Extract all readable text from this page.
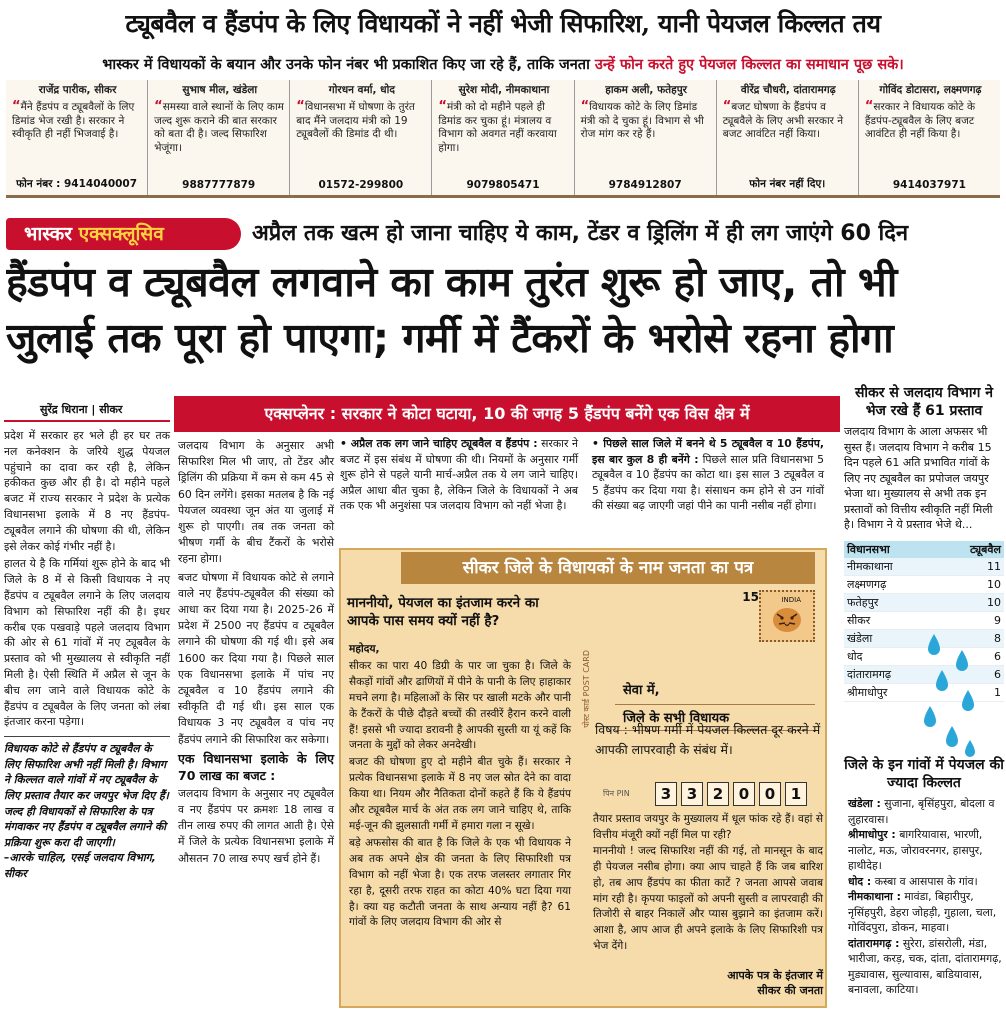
ट्यूबवैल व हैंडपंप के लिए विधायकों ने नहीं भेजी सिफारिश, यानी पेयजल किल्लत तय
भास्कर में विधायकों के बयान और उनके फोन नंबर भी प्रकाशित किए जा रहे हैं, ताकि जनता उन्हें फोन करते हुए पेयजल किल्लत का समाधान पूछ सके।
राजेंद्र पारीक, सीकर
“ मैंने हैंडपंप व ट्यूबवैलों के लिए डिमांड भेज रखी है। सरकार ने स्वीकृति ही नहीं भिजवाई है।
फोन नंबर : 9414040007
सुभाष मील, खंडेला
“ समस्या वाले स्थानों के लिए काम जल्द शुरू कराने की बात सरकार को बता दी है। जल्द सिफारिश भेजूंगा।
9887777879
गोरधन वर्मा, धोद
“ विधानसभा में घोषणा के तुरंत बाद मैंने जलदाय मंत्री को 19 ट्यूबवैलों की डिमांड दी थी।
01572-299800
सुरेश मोदी, नीमकाथाना
“ मंत्री को दो महीने पहले ही डिमांड कर चुका हूं। मंत्रालय व विभाग को अवगत नहीं करवाया होगा।
9079805471
हाकम अली, फतेहपुर
“ विधायक कोटे के लिए डिमांड मंत्री को दे चुका हूं। विभाग से भी रोज मांग कर रहे हैं।
9784912807
वीरेंद्र चौधरी, दांतारामगढ़
“ बजट घोषणा के हैंडपंप व ट्यूबवैले के लिए अभी सरकार ने बजट आवंटित नहीं किया।
फोन नंबर नहीं दिए।
गोविंद डोटासरा, लक्ष्मणगढ़
“ सरकार ने विधायक कोटे के हैंडपंप-ट्यूबवैल के लिए बजट आवंटित ही नहीं किया है।
9414037971
भास्कर एक्सक्लूसिव	अप्रैल तक खत्म हो जाना चाहिए ये काम, टेंडर व ड्रिलिंग में ही लग जाएंगे 60 दिन
हैंडपंप व ट्यूबवैल लगवाने का काम तुरंत शुरू हो जाए, तो भी
जुलाई तक पूरा हो पाएगा; गर्मी में टैंकरों के भरोसे रहना होगा
सुरेंद्र धिराना | सीकर

प्रदेश में सरकार हर भले ही हर घर तक नल कनेक्शन के जरिये शुद्ध पेयजल पहुंचाने का दावा कर रही है, लेकिन हकीकत कुछ और ही है। दो महीने पहले बजट में राज्य सरकार ने प्रदेश के प्रत्येक विधानसभा इलाके में 8 नए हैंडपंप-ट्यूबवैल लगाने की घोषणा की थी, लेकिन इसे लेकर कोई गंभीर नहीं है।

हालत ये है कि गर्मियां शुरू होने के बाद भी जिले के 8 में से किसी विधायक ने नए हैंडपंप व ट्यूबवैल लगाने के लिए जलदाय विभाग को सिफारिश नहीं की है। इधर करीब एक पखवाड़े पहले जलदाय विभाग की ओर से 61 गांवों में नए ट्यूबवैल के प्रस्ताव को भी मुख्यालय से स्वीकृति नहीं मिली है। ऐसी स्थिति में अप्रैल से जून के बीच लग जाने वाले विधायक कोटे के हैंडपंप व ट्यूबवैल के लिए जनता को लंबा इंतजार करना पड़ेगा।

विधायक कोटे से हैंडपंप व ट्यूबवैल के लिए सिफारिश अभी नहीं मिली है। विभाग ने किल्लत वाले गांवों में नए ट्यूबवैल के लिए प्रस्ताव तैयार कर जयपुर भेज दिए हैं। जल्द ही विधायकों से सिफारिश के पत्र मंगवाकर नए हैंडपंप व ट्यूबवैल लगाने की प्रक्रिया शुरू करा दी जाएगी।
–आरके चाहिल, एसई जलदाय विभाग, सीकर
एक्सप्लेनर : सरकार ने कोटा घटाया, 10 की जगह 5 हैंडपंप बनेंगे एक विस क्षेत्र में

जलदाय विभाग के अनुसार अभी सिफारिश मिल भी जाए, तो टेंडर और ड्रिलिंग की प्रक्रिया में कम से कम 45 से 60 दिन लगेंगे। इसका मतलब है कि नई पेयजल व्यवस्था जून अंत या जुलाई में शुरू हो पाएगी। तब तक जनता को भीषण गर्मी के बीच टैंकरों के भरोसे रहना होगा।

बजट घोषणा में विधायक कोटे से लगाने वाले नए हैंडपंप-ट्यूबवैल की संख्या को आधा कर दिया गया है। 2025-26 में प्रदेश में 2500 नए हैंडपंप व ट्यूबवैल लगाने की घोषणा की गई थी। इसे अब 1600 कर दिया गया है। पिछले साल एक विधानसभा इलाके में पांच नए ट्यूबवैल व 10 हैंडपंप लगाने की स्वीकृति दी गई थी। इस साल एक विधायक 3 नए ट्यूबवैल व पांच नए हैंडपंप लगाने की सिफारिश कर सकेगा।

एक विधानसभा इलाके के लिए 70 लाख का बजट :

जलदाय विभाग के अनुसार नए ट्यूबवैल व नए हैंडपंप पर क्रमशः 18 लाख व तीन लाख रुपए की लागत आती है। ऐसे में जिले के प्रत्येक विधानसभा इलाके में औसतन 70 लाख रुपए खर्च होने हैं।

• अप्रैल तक लग जाने चाहिए ट्यूबवैल व हैंडपंप : सरकार ने बजट में इस संबंध में घोषणा की थी। नियमों के अनुसार गर्मी शुरू होने से पहले यानी मार्च-अप्रैल तक ये लग जाने चाहिए। अप्रैल आधा बीत चुका है, लेकिन जिले के विधायकों ने अब तक एक भी अनुशंसा पत्र जलदाय विभाग को नहीं भेजा है।
• पिछले साल जिले में बनने थे 5 ट्यूबवैल व 10 हैंडपंप, इस बार कुल 8 ही बनेंगे : पिछले साल प्रति विधानसभा 5 ट्यूबवैल व 10 हैंडपंप का कोटा था। इस साल 3 ट्यूबवैल व 5 हैंडपंप कर दिया गया है। संसाधन कम होने से उन गांवों की संख्या बढ़ जाएगी जहां पीने का पानी नसीब नहीं होगा।
सीकर जिले के विधायकों के नाम जनता का पत्र
माननीयो, पेयजल का इंतजाम करने का आपके पास समय क्यों नहीं है?

महोदय,

सीकर का पारा 40 डिग्री के पार जा चुका है। जिले के सैकड़ों गांवों और ढाणियों में पीने के पानी के लिए हाहाकार मचने लगा है। महिलाओं के सिर पर खाली मटके और पानी के टैंकरों के पीछे दौड़ते बच्चों की तस्वीरें हैरान करने वाली हैं! इससे भी ज्यादा डरावनी है आपकी सुस्ती या यूं कहें कि जनता के मुद्दों को लेकर अनदेखी।

बजट की घोषणा हुए दो महीने बीत चुके हैं। सरकार ने प्रत्येक विधानसभा इलाके में 8 नए जल स्रोत देने का वादा किया था। नियम और नैतिकता दोनों कहते हैं कि ये हैंडपंप और ट्यूबवैल मार्च के अंत तक लग जाने चाहिए थे, ताकि मई-जून की झुलसाती गर्मी में हमारा गला न सूखे।

बड़े अफसोस की बात है कि जिले के एक भी विधायक ने अब तक अपने क्षेत्र की जनता के लिए सिफारिशी पत्र विभाग को नहीं भेजा है। एक तरफ जलस्तर लगातार गिर रहा है, दूसरी तरफ राहत का कोटा 40% घटा दिया गया है। क्या यह कटौती जनता के साथ अन्याय नहीं है? 61 गांवों के लिए जलदाय विभाग की ओर से

15	INDIA
पोस्ट कार्ड POST CARD सेवा में,
जिले के सभी विधायक
विषय : भीषण गर्मी में पेयजल किल्लत दूर करने में आपकी लापरवाही के संबंध में।
पिन PIN	3	3	2	0	0	1

तैयार प्रस्ताव जयपुर के मुख्यालय में धूल फांक रहे हैं। वहां से वित्तीय मंजूरी क्यों नहीं मिल पा रही?

माननीयो ! जल्द सिफारिश नहीं की गई, तो मानसून के बाद ही पेयजल नसीब होगा। क्या आप चाहते हैं कि जब बारिश हो, तब आप हैंडपंप का फीता काटें ? जनता आपसे जवाब मांग रही है। कृपया फाइलों को अपनी सुस्ती व लापरवाही की तिजोरी से बाहर निकालें और प्यास बुझाने का इंतजाम करें। आशा है, आप आज ही अपने इलाके के लिए सिफारिशी पत्र भेज देंगे।

आपके पत्र के इंतजार में
सीकर की जनता
सीकर से जलदाय विभाग ने भेज रखे हैं 61 प्रस्ताव
जलदाय विभाग के आला अफसर भी सुस्त हैं। जलदाय विभाग ने करीब 15 दिन पहले 61 अति प्रभावित गांवों के लिए नए ट्यूबवैल का प्रपोजल जयपुर भेजा था। मुख्यालय से अभी तक इन प्रस्तावों को वित्तीय स्वीकृति नहीं मिली है। विभाग ने ये प्रस्ताव भेजे थे...
विधानसभा	ट्यूबवैल
नीमकाथाना	11
लक्ष्मणगढ़	10
फतेहपुर	10
सीकर	9
खंडेला	8
धोद	6
दांतारामगढ़	6
श्रीमाधोपुर	1
जिले के इन गांवों में पेयजल की ज्यादा किल्लत
खंडेला : सुजाना, बृसिंहपुरा, बोदला व लुहारवास।
श्रीमाधोपुर : बागरियावास, भारणी, नालोट, मऊ, जोरावरनगर, हासपुर, हाथीदेह।
धोद : कस्बा व आसपास के गांव।
नीमकाथाना : मावंडा, बिहारीपुर, नृसिंहपुरी, डेहरा जोहड़ी, गुहाला, चला, गोविंदपुरा, डोकन, माहवा।
दांतारामगढ़ : सुरेरा, डांसरोली, मंडा, भारीजा, करड़, चक, दांता, दांतारामगढ़, मुड्यावास, सुल्यावास, बाडियावास, बनावला, काटिया।
